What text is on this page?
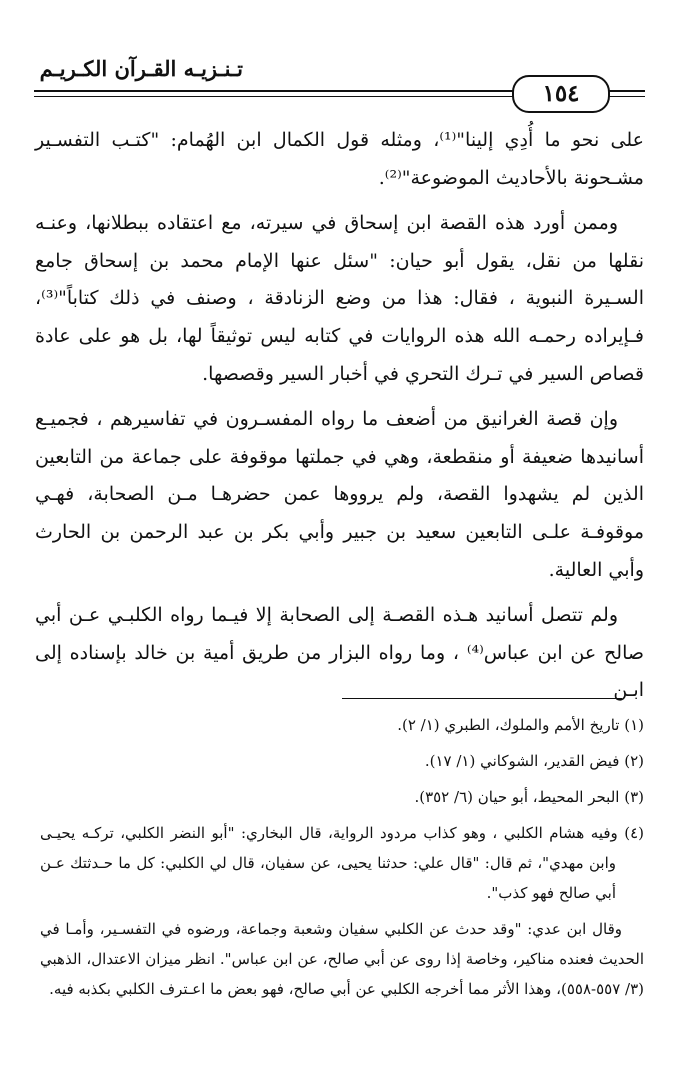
تـنـزيـه القـرآن الكـريـم
١٥٤

على نحو ما أُدِي إلينا"⁽¹⁾، ومثله قول الكمال ابن الهُمام: "كتـب التفسـير مشـحونة بالأحاديث الموضوعة"⁽²⁾.

وممن أورد هذه القصة ابن إسحاق في سيرته، مع اعتقاده ببطلانها، وعنـه نقلها من نقل، يقول أبو حيان: "سئل عنها الإمام محمد بن إسحاق جامع السـيرة النبوية ، فقال: هذا من وضع الزنادقة ، وصنف في ذلك كتاباً"⁽³⁾، فـإيراده رحمـه الله هذه الروايات في كتابه ليس توثيقاً لها، بل هو على عادة قصاص السير في تـرك التحري في أخبار السير وقصصها.

وإن قصة الغرانيق من أضعف ما رواه المفسـرون في تفاسيرهم ، فجميـع أسانيدها ضعيفة أو منقطعة، وهي في جملتها موقوفة على جماعة من التابعين الذين لم يشهدوا القصة، ولم يرووها عمن حضرهـا مـن الصحابة، فهـي موقوفـة علـى التابعين سعيد بن جبير وأبي بكر بن عبد الرحمن بن الحارث وأبي العالية.

ولم تتصل أسانيد هـذه القصـة إلى الصحابة إلا فيـما رواه الكلبـي عـن أبي صالح عن ابن عباس⁽⁴⁾ ، وما رواه البزار من طريق أمية بن خالد بإسناده إلى ابـن

(١) تاريخ الأمم والملوك، الطبري (١/ ٢).

(٢) فيض القدير، الشوكاني (١/ ١٧).

(٣) البحر المحيط، أبو حيان (٦/ ٣٥٢).

(٤) وفيه هشام الكلبي ، وهو كذاب مردود الرواية، قال البخاري: "أبو النضر الكلبي، تركـه يحيـى وابن مهدي"، ثم قال: "قال علي: حدثنا يحيى، عن سفيان، قال لي الكلبي: كل ما حـدثتك عـن أبي صالح فهو كذب".

وقال ابن عدي: "وقد حدث عن الكلبي سفيان وشعبة وجماعة، ورضوه في التفسـير، وأمـا في الحديث فعنده مناكير، وخاصة إذا روى عن أبي صالح، عن ابن عباس". انظر ميزان الاعتدال، الذهبي (٣/ ٥٥٧-٥٥٨)، وهذا الأثر مما أخرجه الكلبي عن أبي صالح، فهو بعض ما اعـترف الكلبي بكذبه فيه.
